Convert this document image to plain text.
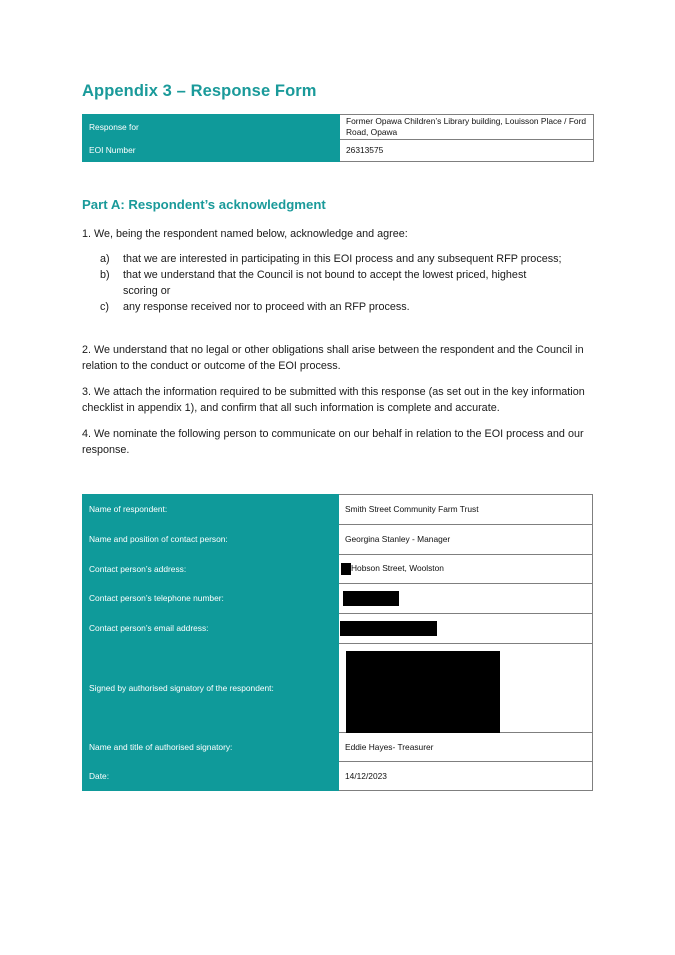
Appendix 3 – Response Form
Response for	Former Opawa Children’s Library building, Louisson Place / Ford Road, Opawa
EOI Number	26313575
Part A: Respondent’s acknowledgment

1. We, being the respondent named below, acknowledge and agree:

a)	that we are interested in participating in this EOI process and any subsequent RFP process;
b)	that we understand that the Council is not bound to accept the lowest priced, highest scoring or
c)	any response received nor to proceed with an RFP process.

2. We understand that no legal or other obligations shall arise between the respondent and the Council in relation to the conduct or outcome of the EOI process.

3. We attach the information required to be submitted with this response (as set out in the key information checklist in appendix 1), and confirm that all such information is complete and accurate.

4. We nominate the following person to communicate on our behalf in relation to the EOI process and our response.

Name of respondent:	Smith Street Community Farm Trust
Name and position of contact person:	Georgina Stanley - Manager
Contact person’s address:	Hobson Street, Woolston
Contact person’s telephone number:	
Contact person’s email address:	
Signed by authorised signatory of the respondent:	

Name and title of authorised signatory:	Eddie Hayes- Treasurer
Date:	14/12/2023
